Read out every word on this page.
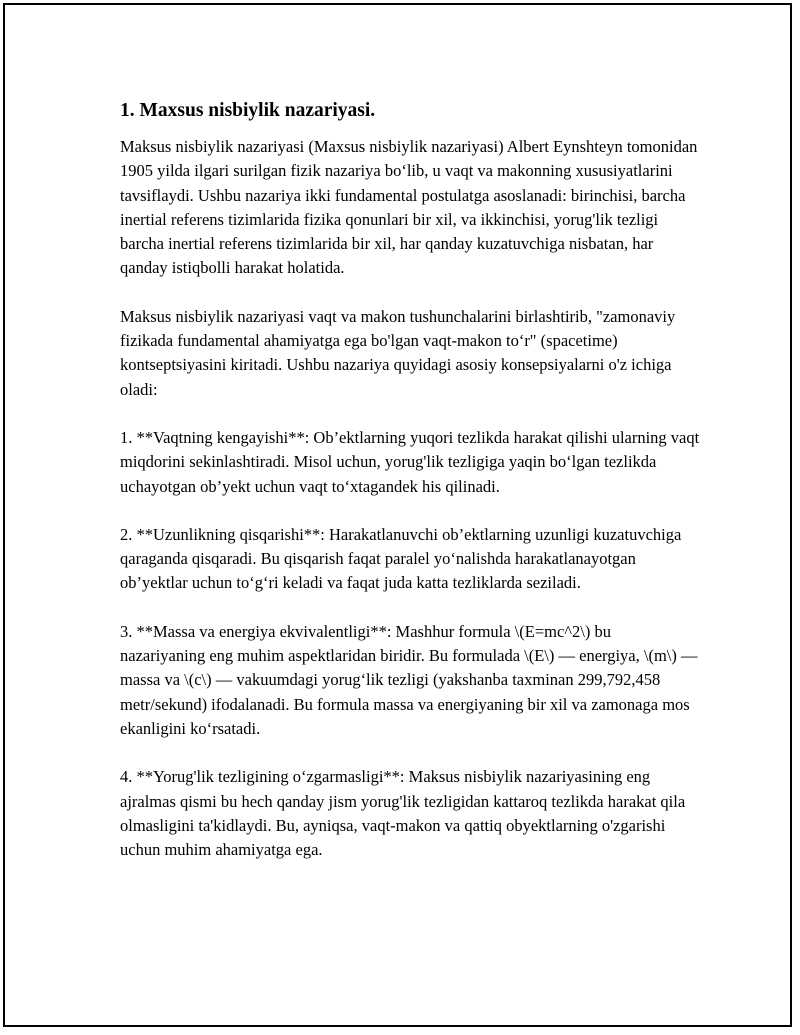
1. Maxsus nisbiylik nazariyasi.

Maksus nisbiylik nazariyasi (Maxsus nisbiylik nazariyasi) Albert Eynshteyn tomonidan 1905 yilda ilgari surilgan fizik nazariya bo‘lib, u vaqt va makonning xususiyatlarini tavsiflaydi. Ushbu nazariya ikki fundamental postulatga asoslanadi: birinchisi, barcha inertial referens tizimlarida fizika qonunlari bir xil, va ikkinchisi, yorug'lik tezligi barcha inertial referens tizimlarida bir xil, har qanday kuzatuvchiga nisbatan, har qanday istiqbolli harakat holatida.

Maksus nisbiylik nazariyasi vaqt va makon tushunchalarini birlashtirib, "zamonaviy fizikada fundamental ahamiyatga ega bo'lgan vaqt-makon to‘r" (spacetime) kontseptsiyasini kiritadi. Ushbu nazariya quyidagi asosiy konsepsiyalarni o'z ichiga oladi:

1. **Vaqtning kengayishi**: Ob’ektlarning yuqori tezlikda harakat qilishi ularning vaqt miqdorini sekinlashtiradi. Misol uchun, yorug'lik tezligiga yaqin bo‘lgan tezlikda uchayotgan ob’yekt uchun vaqt to‘xtagandek his qilinadi.

2. **Uzunlikning qisqarishi**: Harakatlanuvchi ob’ektlarning uzunligi kuzatuvchiga qaraganda qisqaradi. Bu qisqarish faqat paralel yo‘nalishda harakatlanayotgan ob’yektlar uchun to‘g‘ri keladi va faqat juda katta tezliklarda seziladi.

3. **Massa va energiya ekvivalentligi**: Mashhur formula \(E=mc^2\) bu nazariyaning eng muhim aspektlaridan biridir. Bu formulada \(E\) — energiya, \(m\) — massa va \(c\) — vakuumdagi yorug‘lik tezligi (yakshanba taxminan 299,792,458 metr/sekund) ifodalanadi. Bu formula massa va energiyaning bir xil va zamonaga mos ekanligini ko‘rsatadi.

4. **Yorug'lik tezligining o‘zgarmasligi**: Maksus nisbiylik nazariyasining eng ajralmas qismi bu hech qanday jism yorug'lik tezligidan kattaroq tezlikda harakat qila olmasligini ta'kidlaydi. Bu, ayniqsa, vaqt-makon va qattiq obyektlarning o'zgarishi uchun muhim ahamiyatga ega.
